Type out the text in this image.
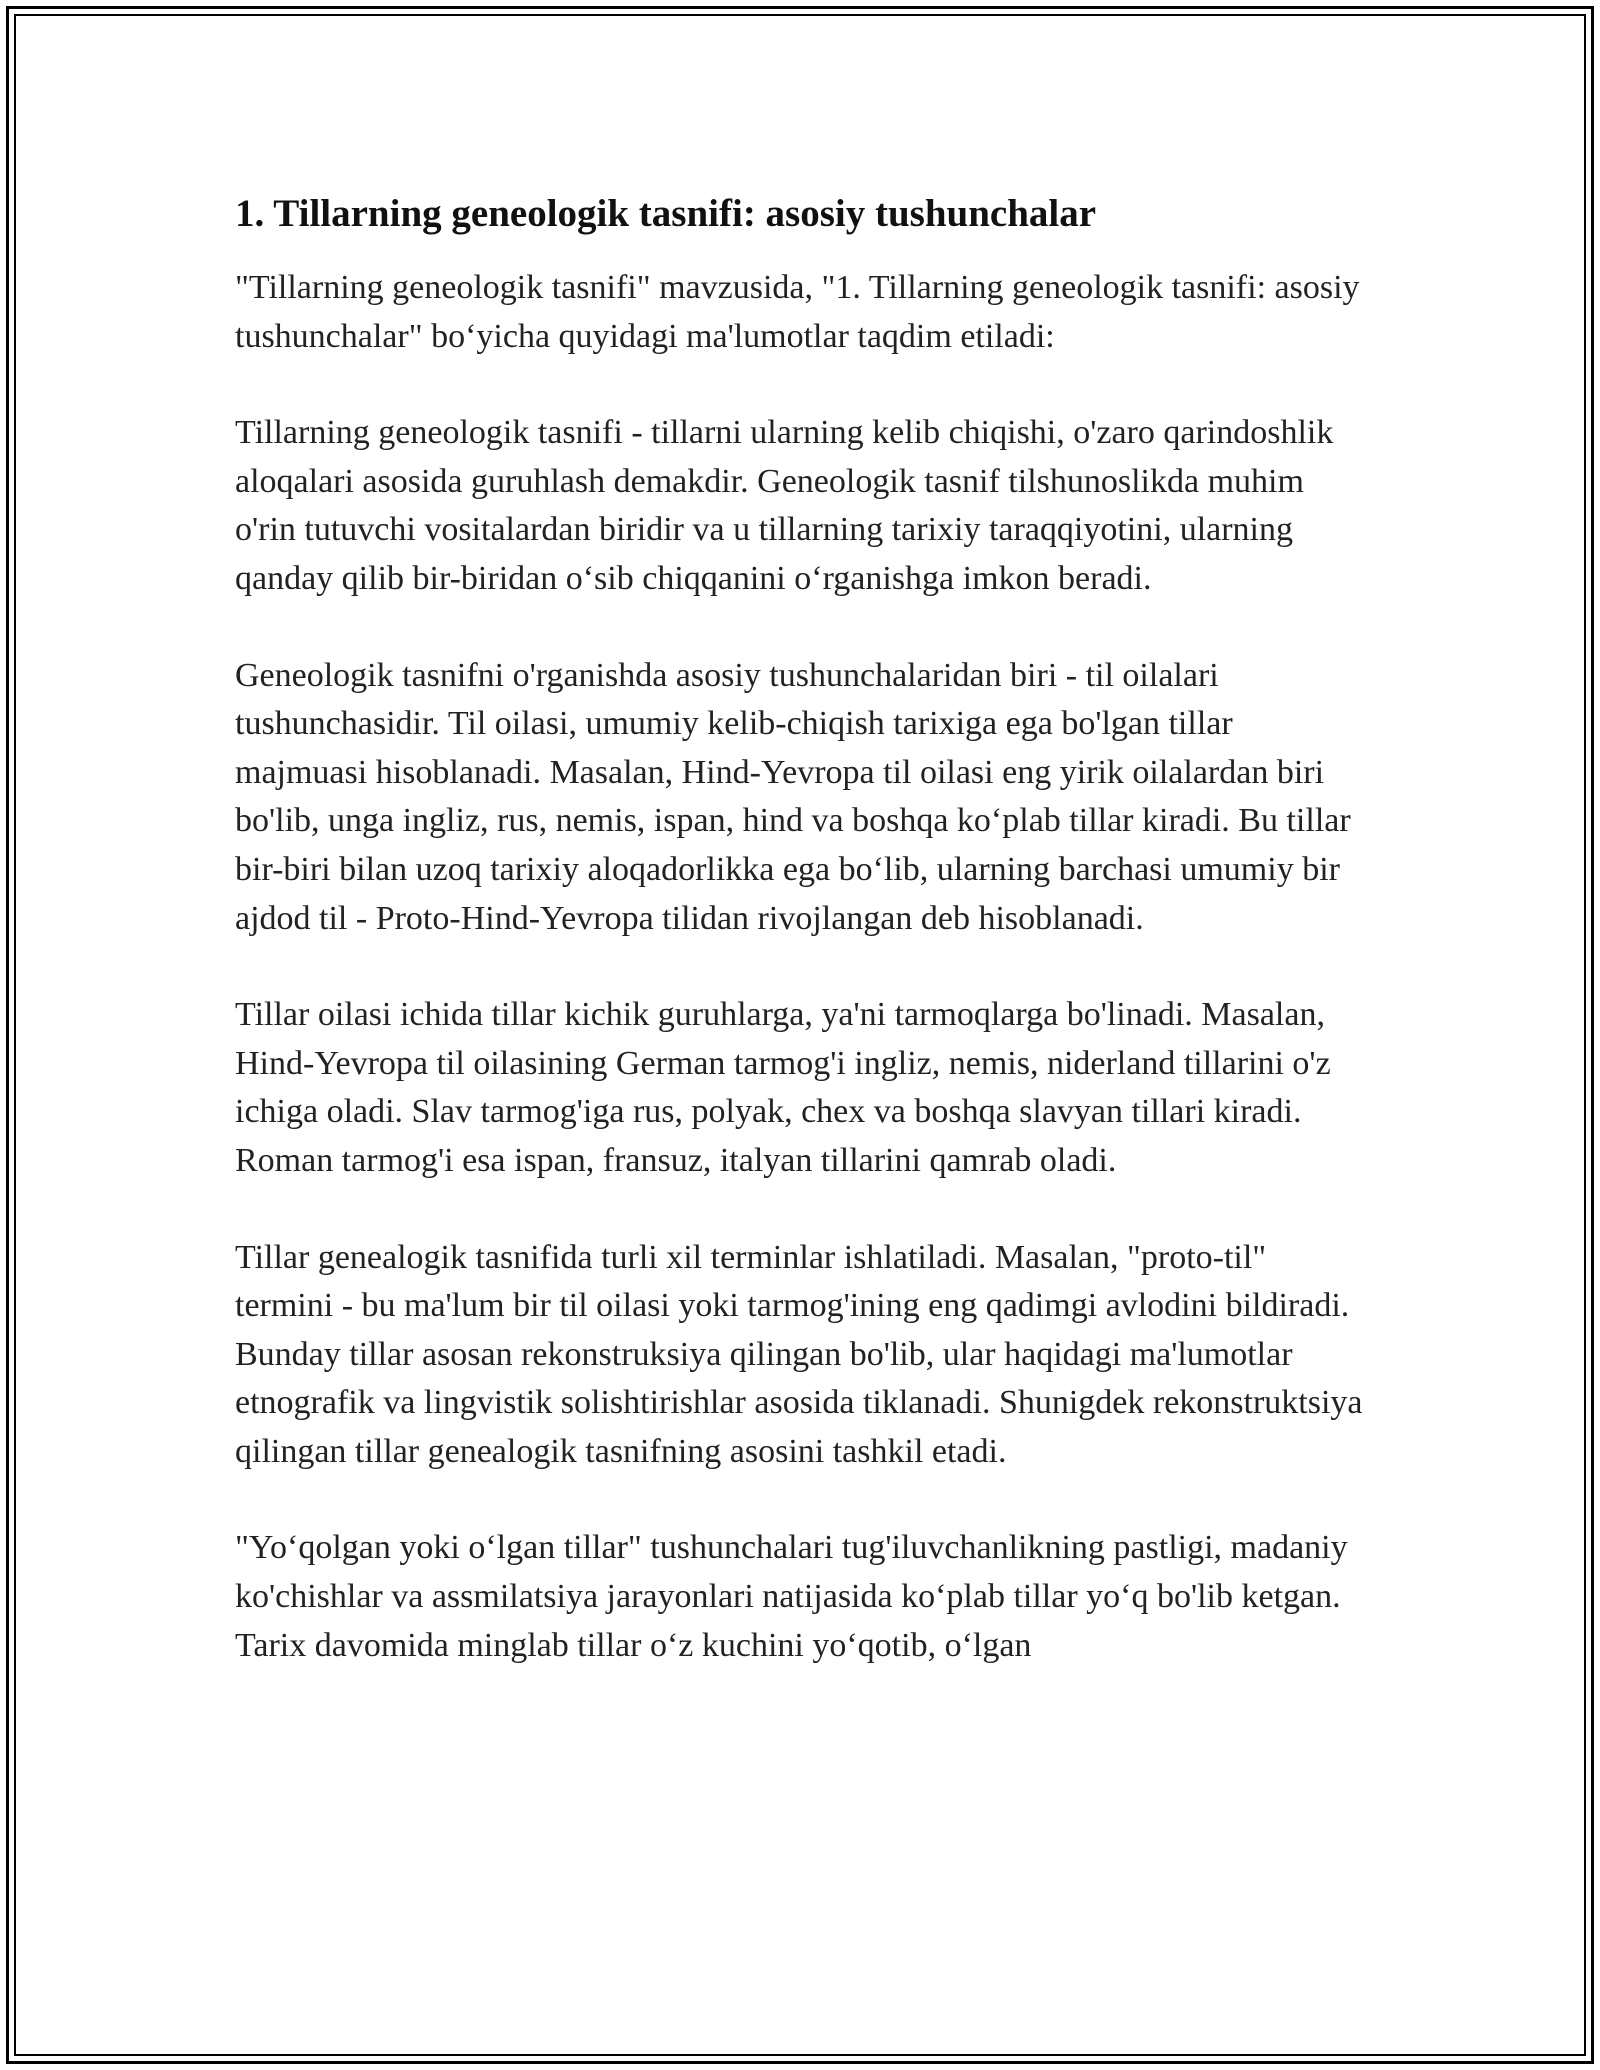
1. Tillarning geneologik tasnifi: asosiy tushunchalar

"Tillarning geneologik tasnifi" mavzusida, "1. Tillarning geneologik tasnifi: asosiy tushunchalar" bo‘yicha quyidagi ma'lumotlar taqdim etiladi:

Tillarning geneologik tasnifi - tillarni ularning kelib chiqishi, o'zaro qarindoshlik aloqalari asosida guruhlash demakdir. Geneologik tasnif tilshunoslikda muhim o'rin tutuvchi vositalardan biridir va u tillarning tarixiy taraqqiyotini, ularning qanday qilib bir-biridan o‘sib chiqqanini o‘rganishga imkon beradi.

Geneologik tasnifni o'rganishda asosiy tushunchalaridan biri - til oilalari tushunchasidir. Til oilasi, umumiy kelib-chiqish tarixiga ega bo'lgan tillar majmuasi hisoblanadi. Masalan, Hind-Yevropa til oilasi eng yirik oilalardan biri bo'lib, unga ingliz, rus, nemis, ispan, hind va boshqa ko‘plab tillar kiradi. Bu tillar bir-biri bilan uzoq tarixiy aloqadorlikka ega bo‘lib, ularning barchasi umumiy bir ajdod til - Proto-Hind-Yevropa tilidan rivojlangan deb hisoblanadi.

Tillar oilasi ichida tillar kichik guruhlarga, ya'ni tarmoqlarga bo'linadi. Masalan, Hind-Yevropa til oilasining German tarmog'i ingliz, nemis, niderland tillarini o'z ichiga oladi. Slav tarmog'iga rus, polyak, chex va boshqa slavyan tillari kiradi. Roman tarmog'i esa ispan, fransuz, italyan tillarini qamrab oladi.

Tillar genealogik tasnifida turli xil terminlar ishlatiladi. Masalan, "proto-til" termini - bu ma'lum bir til oilasi yoki tarmog'ining eng qadimgi avlodini bildiradi. Bunday tillar asosan rekonstruksiya qilingan bo'lib, ular haqidagi ma'lumotlar etnografik va lingvistik solishtirishlar asosida tiklanadi. Shunigdek rekonstruktsiya qilingan tillar genealogik tasnifning asosini tashkil etadi.

"Yo‘qolgan yoki o‘lgan tillar" tushunchalari tug'iluvchanlikning pastligi, madaniy ko'chishlar va assmilatsiya jarayonlari natijasida ko‘plab tillar yo‘q bo'lib ketgan. Tarix davomida minglab tillar o‘z kuchini yo‘qotib, o‘lgan
